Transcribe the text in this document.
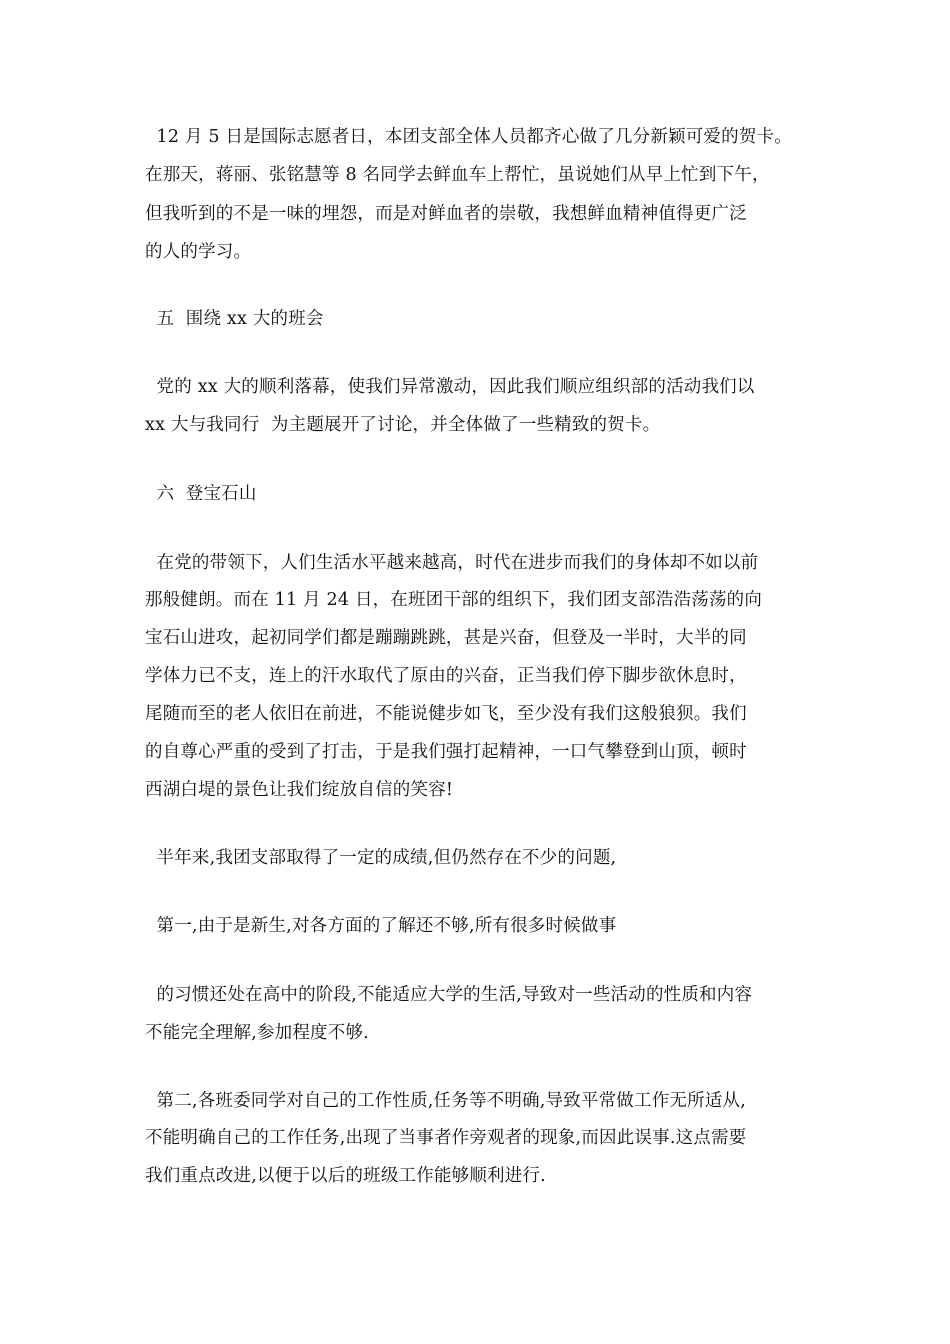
12 月 5 日是国际志愿者日，本团支部全体人员都齐心做了几分新颖可爱的贺卡。
在那天，蒋丽、张铭慧等 8 名同学去鲜血车上帮忙，虽说她们从早上忙到下午，
但我听到的不是一味的埋怨，而是对鲜血者的崇敬，我想鲜血精神值得更广泛
的人的学习。
五  围绕 xx 大的班会
党的 xx 大的顺利落幕，使我们异常激动，因此我们顺应组织部的活动我们以
xx 大与我同行  为主题展开了讨论，并全体做了一些精致的贺卡。
六  登宝石山
在党的带领下，人们生活水平越来越高，时代在进步而我们的身体却不如以前
那般健朗。而在 11 月 24 日，在班团干部的组织下，我们团支部浩浩荡荡的向
宝石山进攻，起初同学们都是蹦蹦跳跳，甚是兴奋，但登及一半时，大半的同
学体力已不支，连上的汗水取代了原由的兴奋，正当我们停下脚步欲休息时，
尾随而至的老人依旧在前进，不能说健步如飞，至少没有我们这般狼狈。我们
的自尊心严重的受到了打击，于是我们强打起精神，一口气攀登到山顶，顿时
西湖白堤的景色让我们绽放自信的笑容!
半年来,我团支部取得了一定的成绩,但仍然存在不少的问题,
第一,由于是新生,对各方面的了解还不够,所有很多时候做事
的习惯还处在高中的阶段,不能适应大学的生活,导致对一些活动的性质和内容
不能完全理解,参加程度不够.
第二,各班委同学对自己的工作性质,任务等不明确,导致平常做工作无所适从,
不能明确自己的工作任务,出现了当事者作旁观者的现象,而因此误事.这点需要
我们重点改进,以便于以后的班级工作能够顺利进行.
